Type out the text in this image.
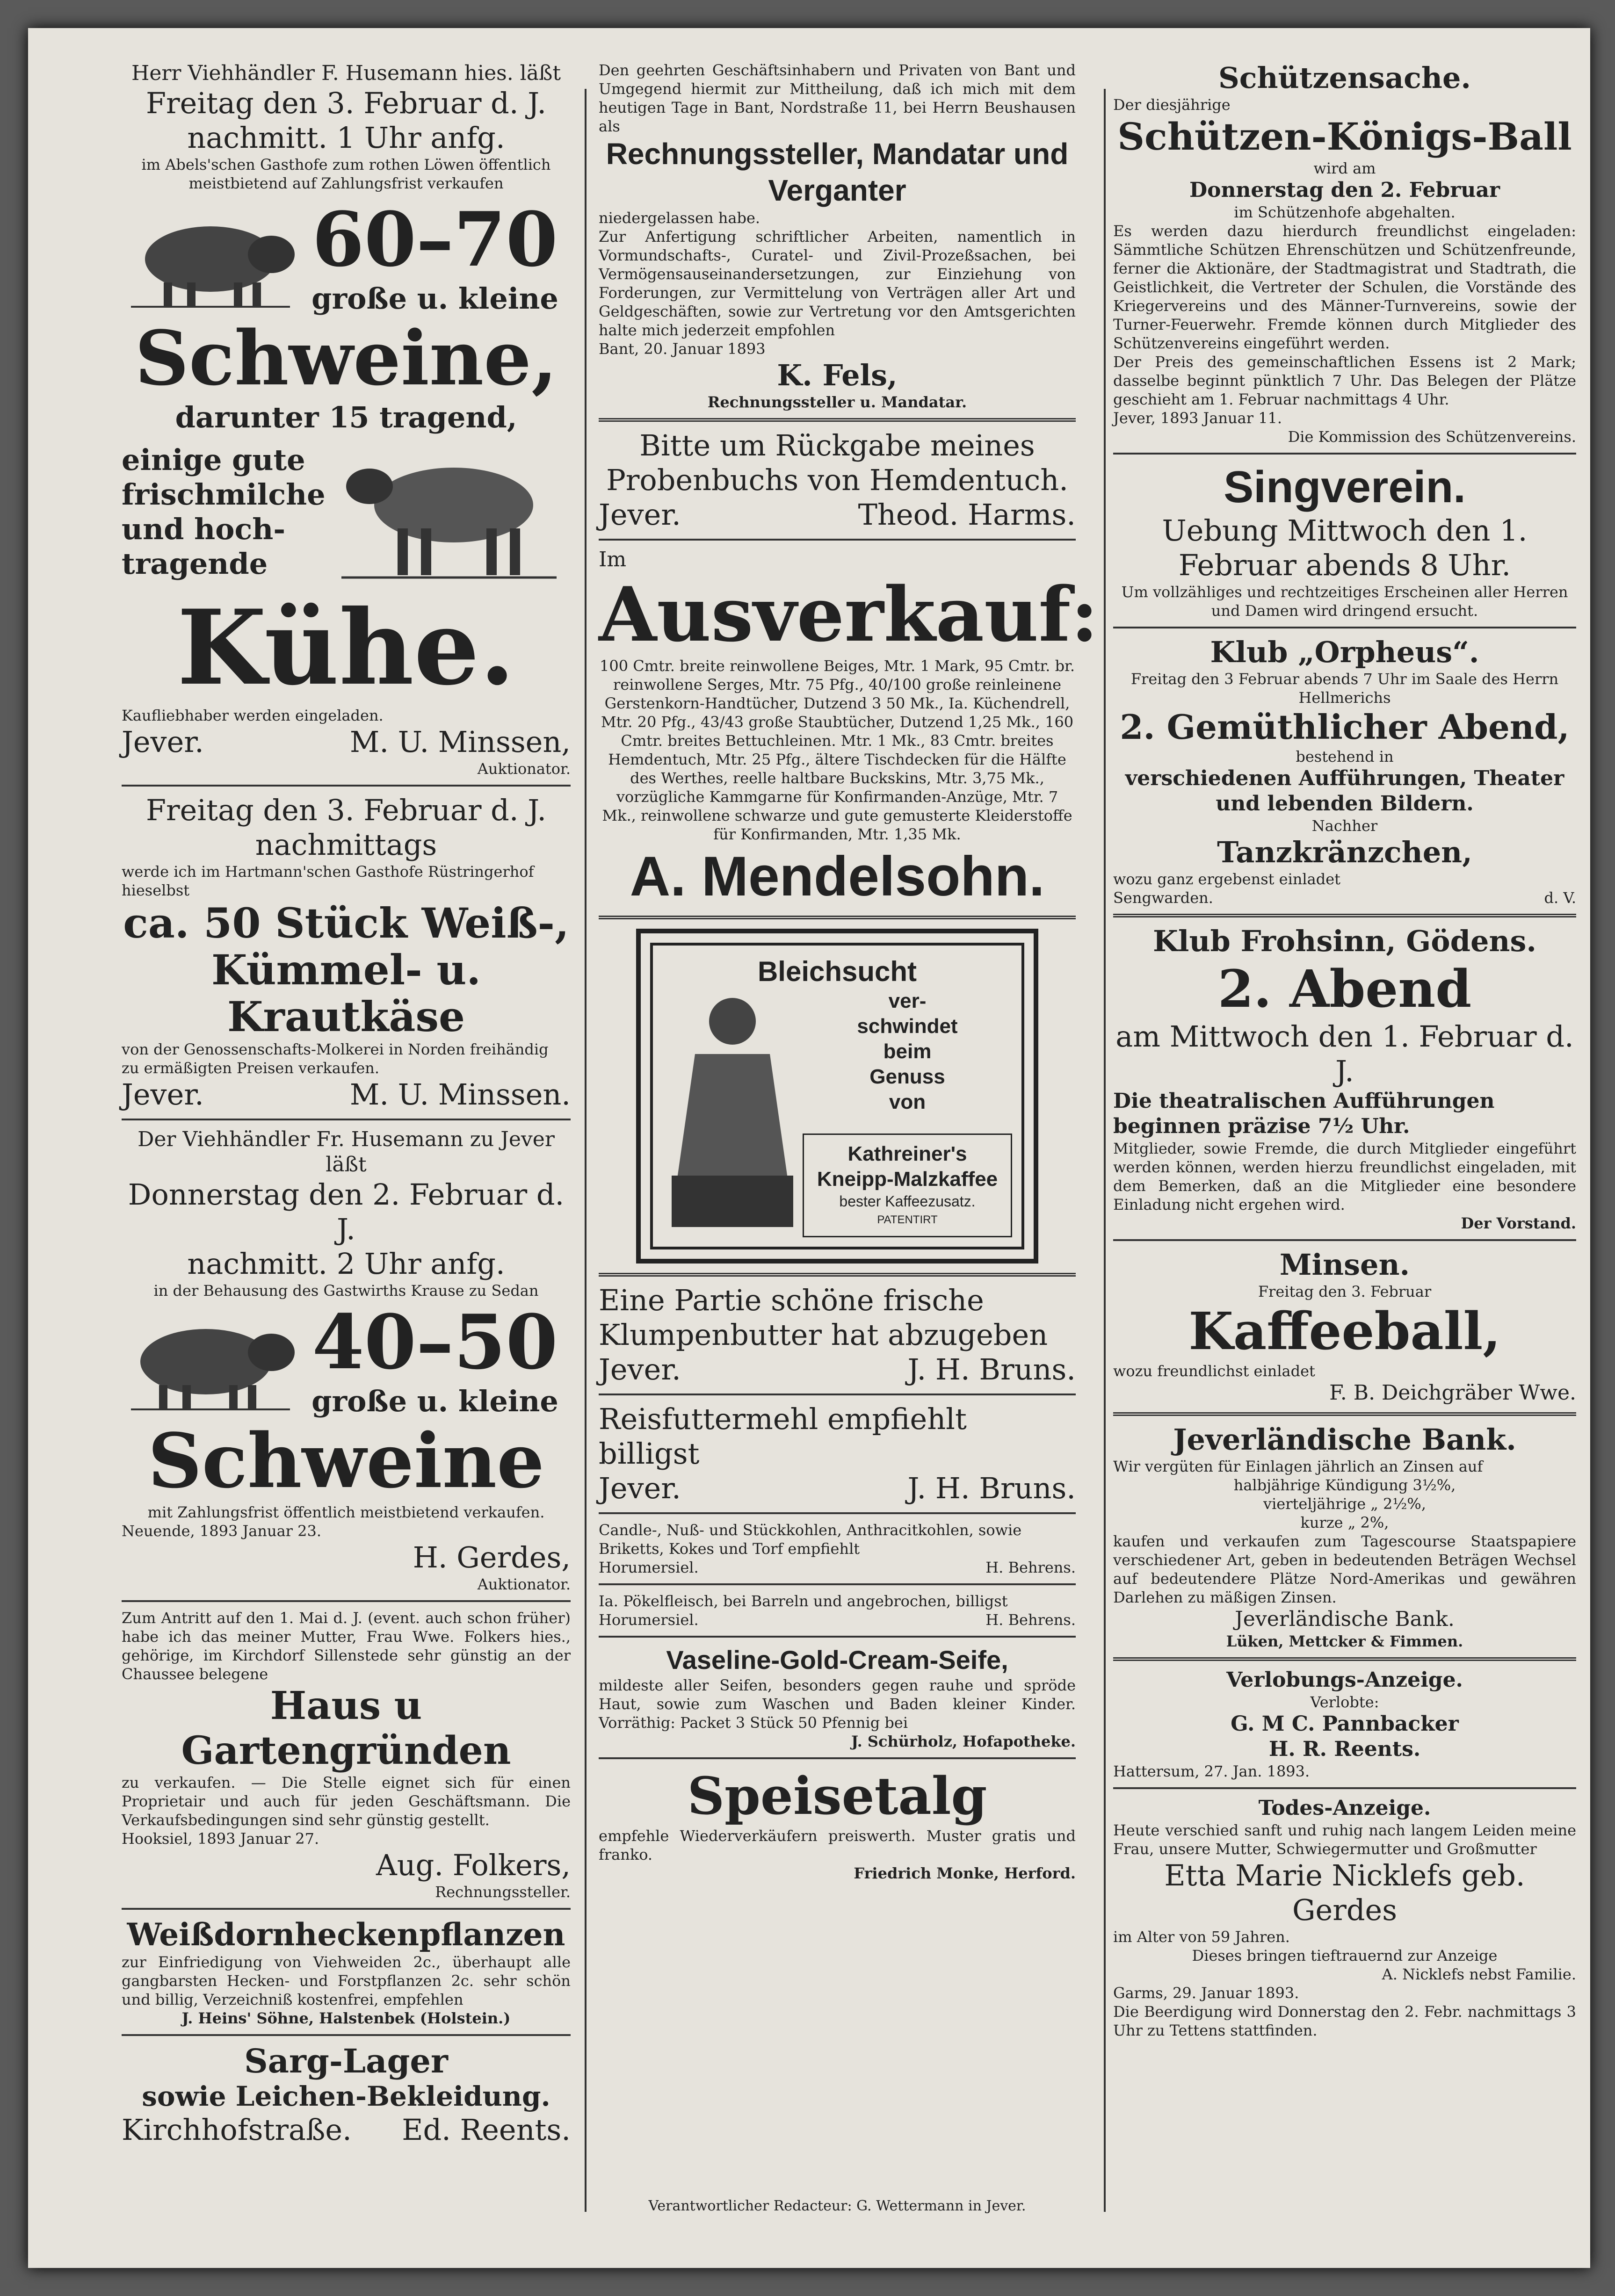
Herr Viehhändler F. Husemann hies. läßt
Freitag den 3. Februar d. J.
nachmitt. 1 Uhr anfg.
im Abels'schen Gasthofe zum rothen Löwen öffentlich meistbietend auf Zahlungsfrist verkaufen
60–70
große u. kleine
Schweine,
darunter 15 tragend,
einige gute frischmilche und hoch- tragende
Kühe.
Kaufliebhaber werden eingeladen.
Jever.	M. U. Minssen,
Auktionator.
Freitag den 3. Februar d. J.
nachmittags
werde ich im Hartmann'schen Gasthofe Rüstringerhof hieselbst
ca. 50 Stück Weiß-, Kümmel- u. Krautkäse
von der Genossenschafts-Molkerei in Norden freihändig zu ermäßigten Preisen verkaufen.
Jever.	M. U. Minssen.
Der Viehhändler Fr. Husemann zu Jever läßt
Donnerstag den 2. Februar d. J.
nachmitt. 2 Uhr anfg.
in der Behausung des Gastwirths Krause zu Sedan
40–50
große u. kleine
Schweine
mit Zahlungsfrist öffentlich meistbietend verkaufen.
Neuende, 1893 Januar 23.
H. Gerdes,
Auktionator.
Zum Antritt auf den 1. Mai d. J. (event. auch schon früher) habe ich das meiner Mutter, Frau Wwe. Folkers hies., gehörige, im Kirchdorf Sillenstede sehr günstig an der Chaussee belegene
Haus u Gartengründen
zu verkaufen. — Die Stelle eignet sich für einen Proprietair und auch für jeden Geschäftsmann. Die Verkaufsbedingungen sind sehr günstig gestellt.
Hooksiel, 1893 Januar 27.
Aug. Folkers,
Rechnungssteller.
Weißdornheckenpflanzen
zur Einfriedigung von Viehweiden 2c., überhaupt alle gangbarsten Hecken- und Forstpflanzen 2c. sehr schön und billig, Verzeichniß kostenfrei, empfehlen
J. Heins' Söhne, Halstenbek (Holstein.)
Sarg-Lager
sowie Leichen-Bekleidung.
Kirchhofstraße. Ed. Reents.
Den geehrten Geschäftsinhabern und Privaten von Bant und Umgegend hiermit zur Mittheilung, daß ich mich mit dem heutigen Tage in Bant, Nordstraße 11, bei Herrn Beushausen als
Rechnungssteller, Mandatar und Verganter
niedergelassen habe.
Zur Anfertigung schriftlicher Arbeiten, namentlich in Vormundschafts-, Curatel- und Zivil-Prozeßsachen, bei Vermögensauseinandersetzungen, zur Einziehung von Forderungen, zur Vermittelung von Verträgen aller Art und Geldgeschäften, sowie zur Vertretung vor den Amtsgerichten halte mich jederzeit empfohlen
Bant, 20. Januar 1893
K. Fels,
Rechnungssteller u. Mandatar.
Bitte um Rückgabe meines Probenbuchs von Hemdentuch.
Jever.	Theod. Harms.
Im
Ausverkauf:
100 Cmtr. breite reinwollene Beiges, Mtr. 1 Mark, 95 Cmtr. br. reinwollene Serges, Mtr. 75 Pfg., 40/100 große reinleinene Gerstenkorn-Handtücher, Dutzend 3 50 Mk., Ia. Küchendrell, Mtr. 20 Pfg., 43/43 große Staubtücher, Dutzend 1,25 Mk., 160 Cmtr. breites Bettuchleinen. Mtr. 1 Mk., 83 Cmtr. breites Hemdentuch, Mtr. 25 Pfg., ältere Tischdecken für die Hälfte des Werthes, reelle haltbare Buckskins, Mtr. 3,75 Mk., vorzügliche Kammgarne für Konfirmanden-Anzüge, Mtr. 7 Mk., reinwollene schwarze und gute gemusterte Kleiderstoffe für Konfirmanden, Mtr. 1,35 Mk.
A. Mendelsohn.
Bleichsucht
ver-
schwindet
beim
Genuss
von
Kathreiner's
Kneipp-Malzkaffee
bester Kaffeezusatz.
PATENTIRT
Eine Partie schöne frische Klumpenbutter hat abzugeben
Jever.	J. H. Bruns.
Reisfuttermehl empfiehlt billigst
Jever.	J. H. Bruns.
Candle-, Nuß- und Stückkohlen, Anthracitkohlen, sowie Briketts, Kokes und Torf empfiehlt
Horumersiel.	H. Behrens.
Ia. Pökelfleisch, bei Barreln und angebrochen, billigst
Horumersiel.	H. Behrens.
Vaseline-Gold-Cream-Seife,
mildeste aller Seifen, besonders gegen rauhe und spröde Haut, sowie zum Waschen und Baden kleiner Kinder. Vorräthig: Packet 3 Stück 50 Pfennig bei
J. Schürholz, Hofapotheke.
Speisetalg
empfehle Wiederverkäufern preiswerth. Muster gratis und franko.
Friedrich Monke, Herford.
Verantwortlicher Redacteur: G. Wettermann in Jever.
Schützensache.
Der diesjährige
Schützen-Königs-Ball
wird am
Donnerstag den 2. Februar
im Schützenhofe abgehalten.
Es werden dazu hierdurch freundlichst eingeladen: Sämmtliche Schützen Ehrenschützen und Schützenfreunde, ferner die Aktionäre, der Stadtmagistrat und Stadtrath, die Geistlichkeit, die Vertreter der Schulen, die Vorstände des Kriegervereins und des Männer-Turnvereins, sowie der Turner-Feuerwehr. Fremde können durch Mitglieder des Schützenvereins eingeführt werden.
Der Preis des gemeinschaftlichen Essens ist 2 Mark; dasselbe beginnt pünktlich 7 Uhr. Das Belegen der Plätze geschieht am 1. Februar nachmittags 4 Uhr.
Jever, 1893 Januar 11.
Die Kommission des Schützenvereins.
Singverein.
Uebung Mittwoch den 1. Februar abends 8 Uhr.
Um vollzähliges und rechtzeitiges Erscheinen aller Herren und Damen wird dringend ersucht.
Klub „Orpheus“.
Freitag den 3 Februar abends 7 Uhr im Saale des Herrn Hellmerichs
2. Gemüthlicher Abend,
bestehend in
verschiedenen Aufführungen, Theater und lebenden Bildern.
Nachher
Tanzkränzchen,
wozu ganz ergebenst einladet
Sengwarden.	d. V.
Klub Frohsinn, Gödens.
2. Abend
am Mittwoch den 1. Februar d. J.
Die theatralischen Aufführungen beginnen präzise 7½ Uhr.
Mitglieder, sowie Fremde, die durch Mitglieder eingeführt werden können, werden hierzu freundlichst eingeladen, mit dem Bemerken, daß an die Mitglieder eine besondere Einladung nicht ergehen wird.
Der Vorstand.
Minsen.
Freitag den 3. Februar
Kaffeeball,
wozu freundlichst einladet
F. B. Deichgräber Wwe.
Jeverländische Bank.
Wir vergüten für Einlagen jährlich an Zinsen auf
halbjährige Kündigung 3½%,
vierteljährige „ 2½%,
kurze „ 2%,
kaufen und verkaufen zum Tagescourse Staatspapiere verschiedener Art, geben in bedeutenden Beträgen Wechsel auf bedeutendere Plätze Nord-Amerikas und gewähren Darlehen zu mäßigen Zinsen.
Jeverländische Bank.
Lüken, Mettcker & Fimmen.
Verlobungs-Anzeige.
Verlobte:
G. M C. Pannbacker
H. R. Reents.
Hattersum, 27. Jan. 1893.
Todes-Anzeige.
Heute verschied sanft und ruhig nach langem Leiden meine Frau, unsere Mutter, Schwiegermutter und Großmutter
Etta Marie Nicklefs geb. Gerdes
im Alter von 59 Jahren.
Dieses bringen tieftrauernd zur Anzeige
A. Nicklefs nebst Familie.
Garms, 29. Januar 1893.
Die Beerdigung wird Donnerstag den 2. Febr. nachmittags 3 Uhr zu Tettens stattfinden.
